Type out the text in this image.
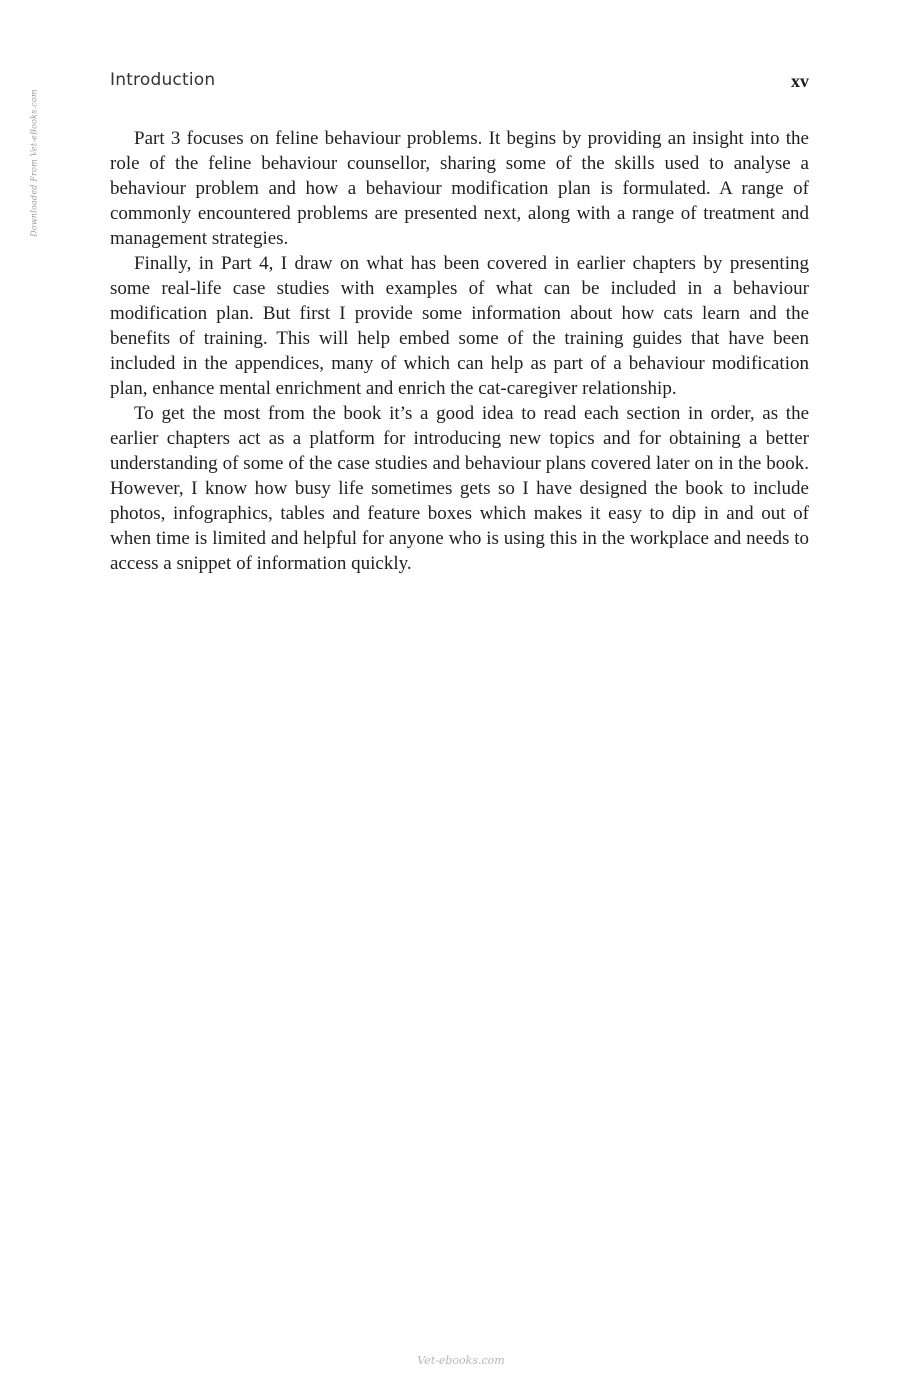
Downloaded From Vet-eBooks.com
Introduction	xv

Part 3 focuses on feline behaviour problems. It begins by providing an insight into the role of the feline behaviour counsellor, sharing some of the skills used to analyse a behaviour problem and how a behaviour modification plan is formulated. A range of commonly encountered problems are presented next, along with a range of treatment and management strategies.

Finally, in Part 4, I draw on what has been covered in earlier chapters by presenting some real-life case studies with examples of what can be included in a behaviour modification plan. But first I provide some information about how cats learn and the benefits of training. This will help embed some of the training guides that have been included in the appendices, many of which can help as part of a behaviour modification plan, enhance mental enrichment and enrich the cat-caregiver relationship.

To get the most from the book it’s a good idea to read each section in order, as the earlier chapters act as a platform for introducing new topics and for obtaining a better understanding of some of the case studies and behaviour plans covered later on in the book. However, I know how busy life sometimes gets so I have designed the book to include photos, infographics, tables and feature boxes which makes it easy to dip in and out of when time is limited and helpful for anyone who is using this in the workplace and needs to access a snippet of information quickly.

Vet-ebooks.com
